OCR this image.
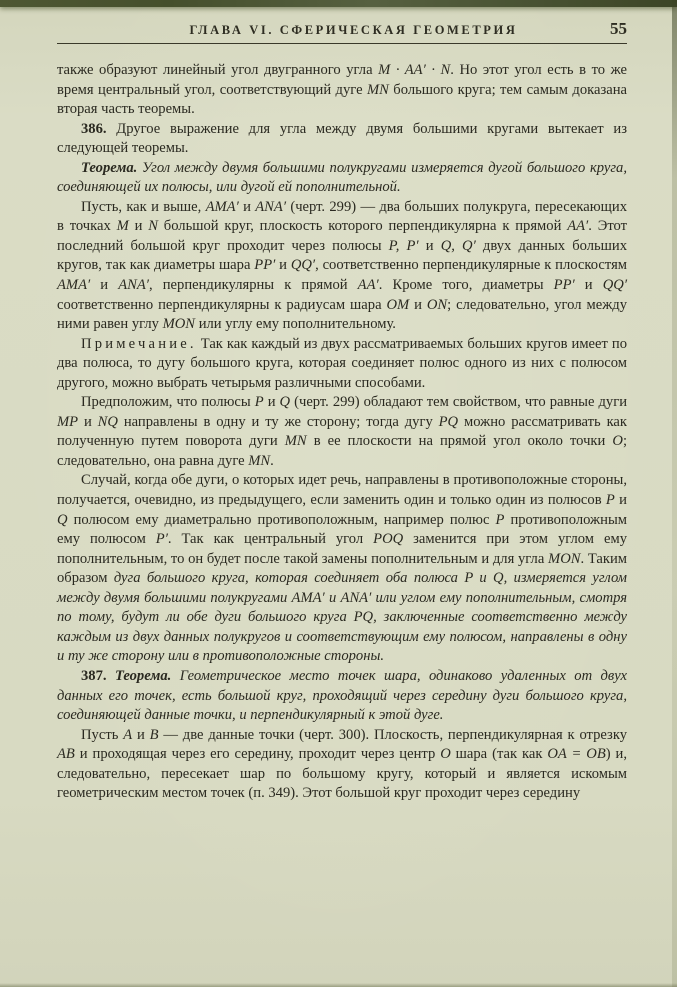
ГЛАВА VI. СФЕРИЧЕСКАЯ ГЕОМЕТРИЯ	55

также образуют линейный угол двугранного угла M · AA′ · N. Но этот угол есть в то же время центральный угол, соответствующий дуге MN большого круга; тем самым доказана вторая часть теоремы.

386. Другое выражение для угла между двумя большими кругами вытекает из следующей теоремы.

Теорема. Угол между двумя большими полукругами измеряется дугой большого круга, соединяющей их полюсы, или дугой ей пополнительной.

Пусть, как и выше, AMA′ и ANA′ (черт. 299) — два больших полукруга, пересекающих в точках M и N большой круг, плоскость которого перпендикулярна к прямой AA′. Этот последний большой круг проходит через полюсы P, P′ и Q, Q′ двух данных больших кругов, так как диаметры шара PP′ и QQ′, соответственно перпендикулярные к плоскостям AMA′ и ANA′, перпендикулярны к прямой AA′. Кроме того, диаметры PP′ и QQ′ соответственно перпендикулярны к радиусам шара OM и ON; следовательно, угол между ними равен углу MON или углу ему пополнительному.

Примечание. Так как каждый из двух рассматриваемых больших кругов имеет по два полюса, то дугу большого круга, которая соединяет полюс одного из них с полюсом другого, можно выбрать четырьмя различными способами.

Предположим, что полюсы P и Q (черт. 299) обладают тем свойством, что равные дуги MP и NQ направлены в одну и ту же сторону; тогда дугу PQ можно рассматривать как полученную путем поворота дуги MN в ее плоскости на прямой угол около точки O; следовательно, она равна дуге MN.

Случай, когда обе дуги, о которых идет речь, направлены в противоположные стороны, получается, очевидно, из предыдущего, если заменить один и только один из полюсов P и Q полюсом ему диаметрально противоположным, например полюс P противоположным ему полюсом P′. Так как центральный угол POQ заменится при этом углом ему пополнительным, то он будет после такой замены пополнительным и для угла MON. Таким образом дуга большого круга, которая соединяет оба полюса P и Q, измеряется углом между двумя большими полукругами AMA′ и ANA′ или углом ему пополнительным, смотря по тому, будут ли обе дуги большого круга PQ, заключенные соответственно между каждым из двух данных полукругов и соответствующим ему полюсом, направлены в одну и ту же сторону или в противоположные стороны.

387. Теорема. Геометрическое место точек шара, одинаково удаленных от двух данных его точек, есть большой круг, проходящий через середину дуги большого круга, соединяющей данные точки, и перпендикулярный к этой дуге.

Пусть A и B — две данные точки (черт. 300). Плоскость, перпендикулярная к отрезку AB и проходящая через его середину, проходит через центр O шара (так как OA = OB) и, следовательно, пересекает шар по большому кругу, который и является искомым геометрическим местом точек (п. 349). Этот большой круг проходит через середину
